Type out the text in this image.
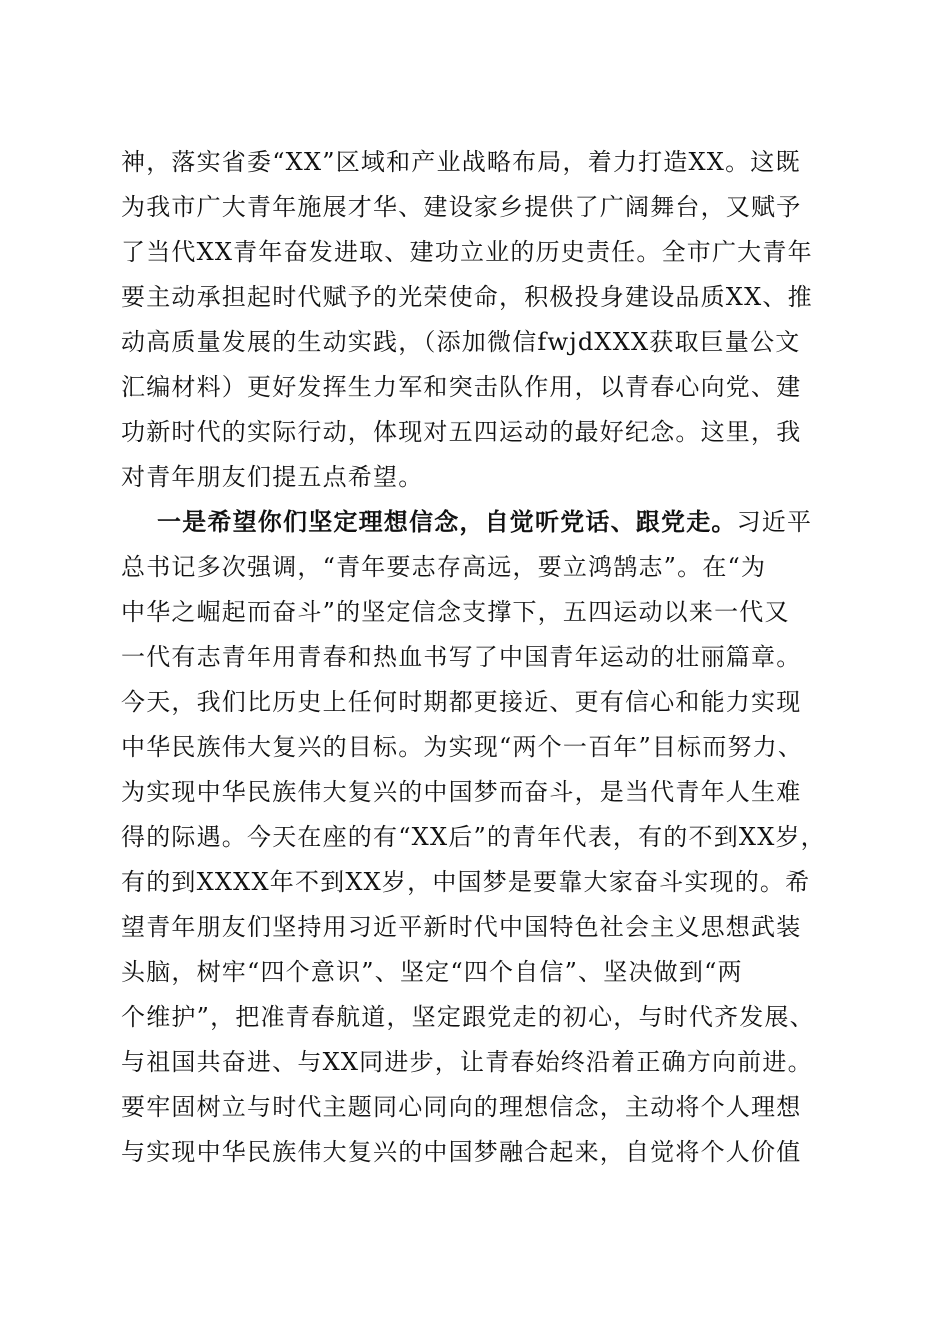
神，落实省委“XX”区域和产业战略布局，着力打造XX。这既
为我市广大青年施展才华、建设家乡提供了广阔舞台，又赋予
了当代XX青年奋发进取、建功立业的历史责任。全市广大青年
要主动承担起时代赋予的光荣使命，积极投身建设品质XX、推
动高质量发展的生动实践，（添加微信fwjdXXX获取巨量公文
汇编材料）更好发挥生力军和突击队作用，以青春心向党、建
功新时代的实际行动，体现对五四运动的最好纪念。这里，我
对青年朋友们提五点希望。
一是希望你们坚定理想信念，自觉听党话、跟党走。习近平
总书记多次强调，“青年要志存高远，要立鸿鹄志”。在“为
中华之崛起而奋斗”的坚定信念支撑下，五四运动以来一代又
一代有志青年用青春和热血书写了中国青年运动的壮丽篇章。
今天，我们比历史上任何时期都更接近、更有信心和能力实现
中华民族伟大复兴的目标。为实现“两个一百年”目标而努力、
为实现中华民族伟大复兴的中国梦而奋斗，是当代青年人生难
得的际遇。今天在座的有“XX后”的青年代表，有的不到XX岁，
有的到XXXX年不到XX岁，中国梦是要靠大家奋斗实现的。希
望青年朋友们坚持用习近平新时代中国特色社会主义思想武装
头脑，树牢“四个意识”、坚定“四个自信”、坚决做到“两
个维护”，把准青春航道，坚定跟党走的初心，与时代齐发展、
与祖国共奋进、与XX同进步，让青春始终沿着正确方向前进。
要牢固树立与时代主题同心同向的理想信念，主动将个人理想
与实现中华民族伟大复兴的中国梦融合起来，自觉将个人价值
